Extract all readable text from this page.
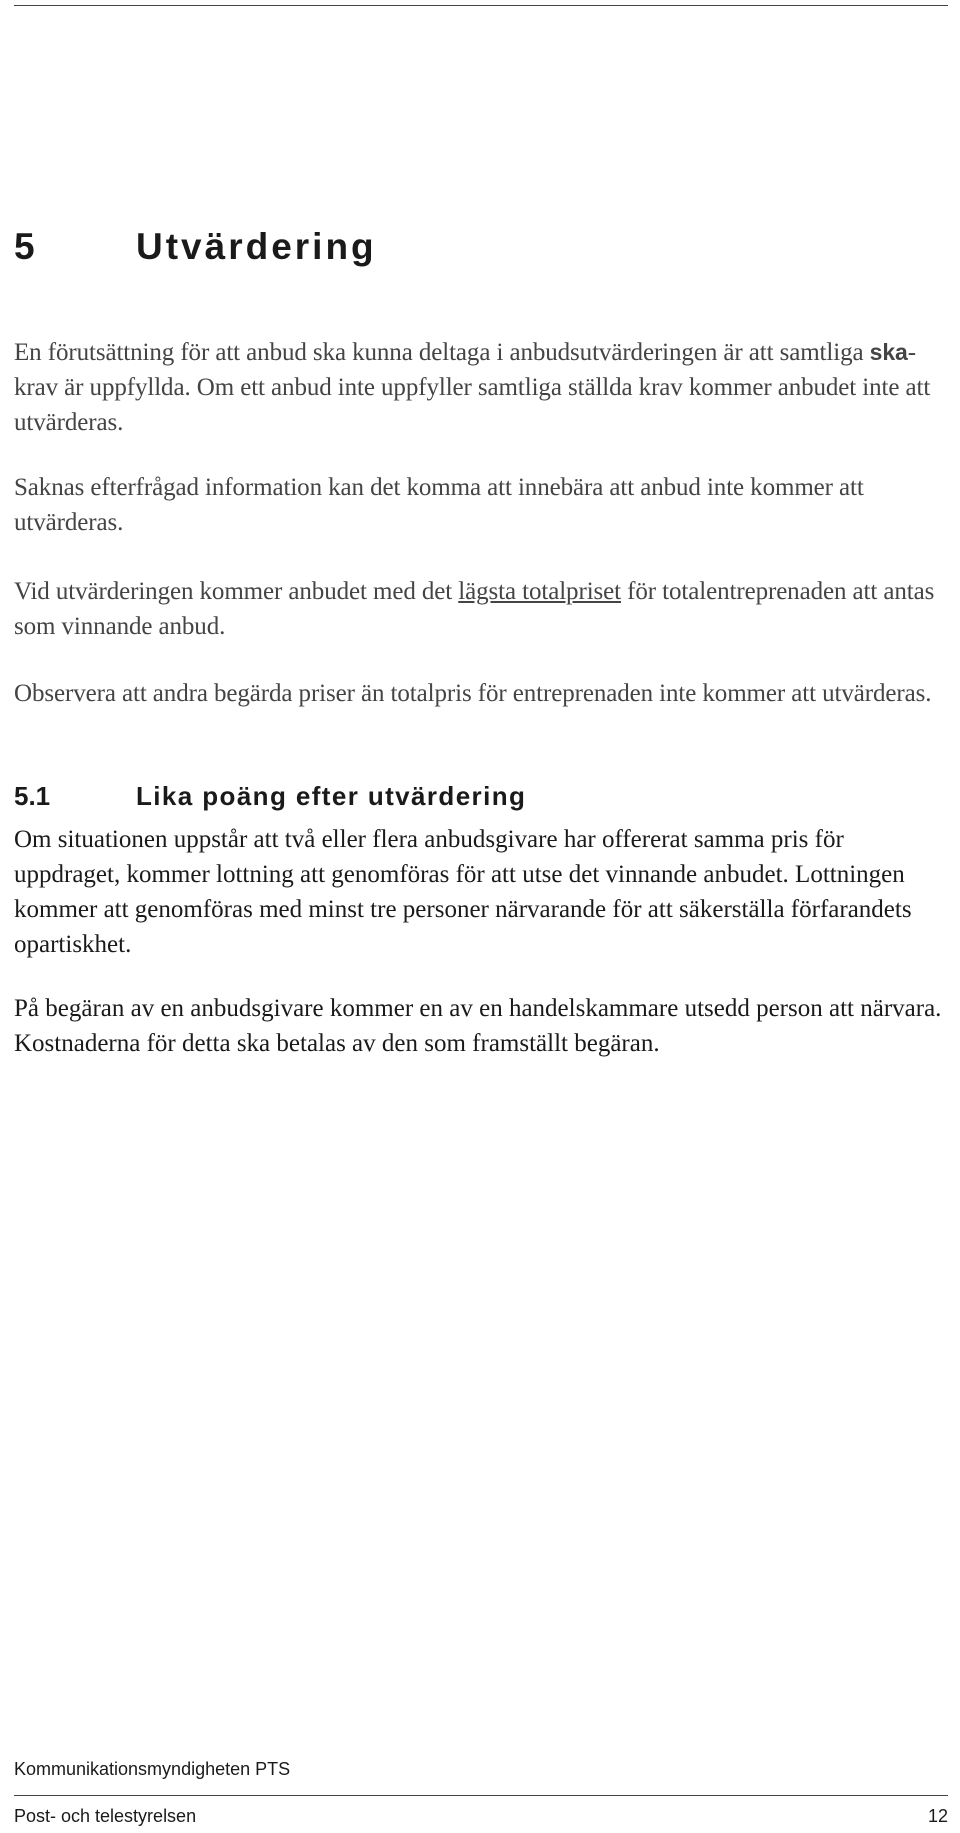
5	Utvärdering

En förutsättning för att anbud ska kunna deltaga i anbudsutvärderingen är att samtliga ska-krav är uppfyllda. Om ett anbud inte uppfyller samtliga ställda krav kommer anbudet inte att utvärderas.

Saknas efterfrågad information kan det komma att innebära att anbud inte kommer att utvärderas.

Vid utvärderingen kommer anbudet med det lägsta totalpriset för totalentreprenaden att antas som vinnande anbud.

Observera att andra begärda priser än totalpris för entreprenaden inte kommer att utvärderas.

5.1	Lika poäng efter utvärdering

Om situationen uppstår att två eller flera anbudsgivare har offererat samma pris för uppdraget, kommer lottning att genomföras för att utse det vinnande anbudet. Lottningen kommer att genomföras med minst tre personer närvarande för att säkerställa förfarandets opartiskhet.

På begäran av en anbudsgivare kommer en av en handelskammare utsedd person att närvara. Kostnaderna för detta ska betalas av den som framställt begäran.

Kommunikationsmyndigheten PTS
Post- och telestyrelsen	12
